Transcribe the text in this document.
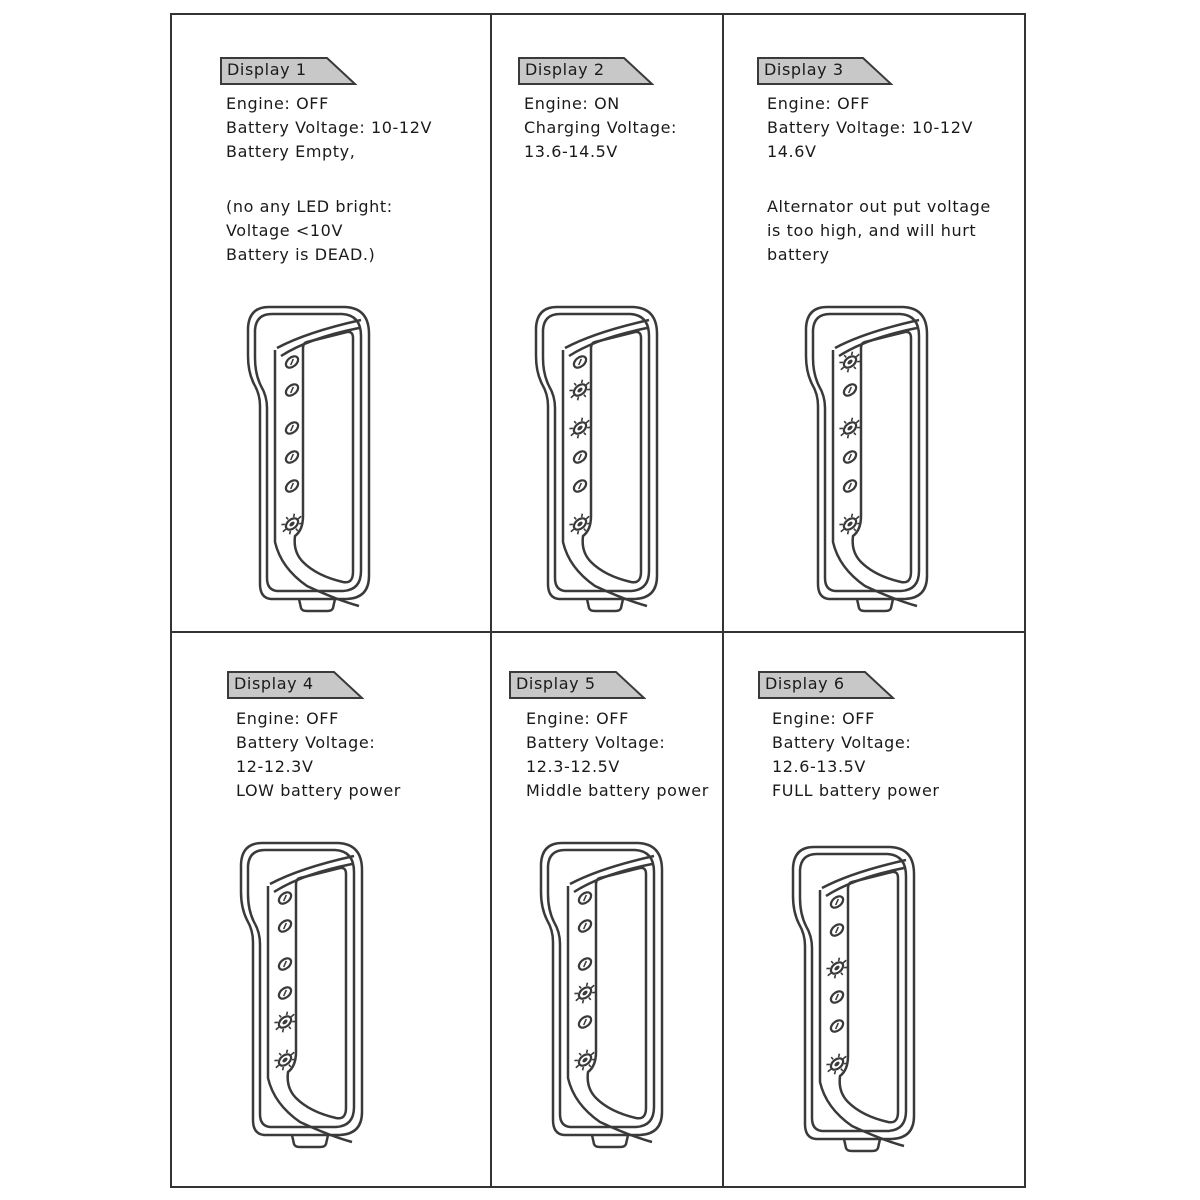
Display 1
Engine: OFF
Battery Voltage: 10-12V
Battery Empty,
(no any LED bright:
Voltage <10V
Battery is DEAD.)
Display 2
Engine: ON
Charging Voltage:
13.6-14.5V
Display 3
Engine: OFF
Battery Voltage: 10-12V
14.6V
Alternator out put voltage
is too high, and will hurt
battery
Display 4
Engine: OFF
Battery Voltage:
12-12.3V
LOW battery power
Display 5
Engine: OFF
Battery Voltage:
12.3-12.5V
Middle battery power
Display 6
Engine: OFF
Battery Voltage:
12.6-13.5V
FULL battery power
